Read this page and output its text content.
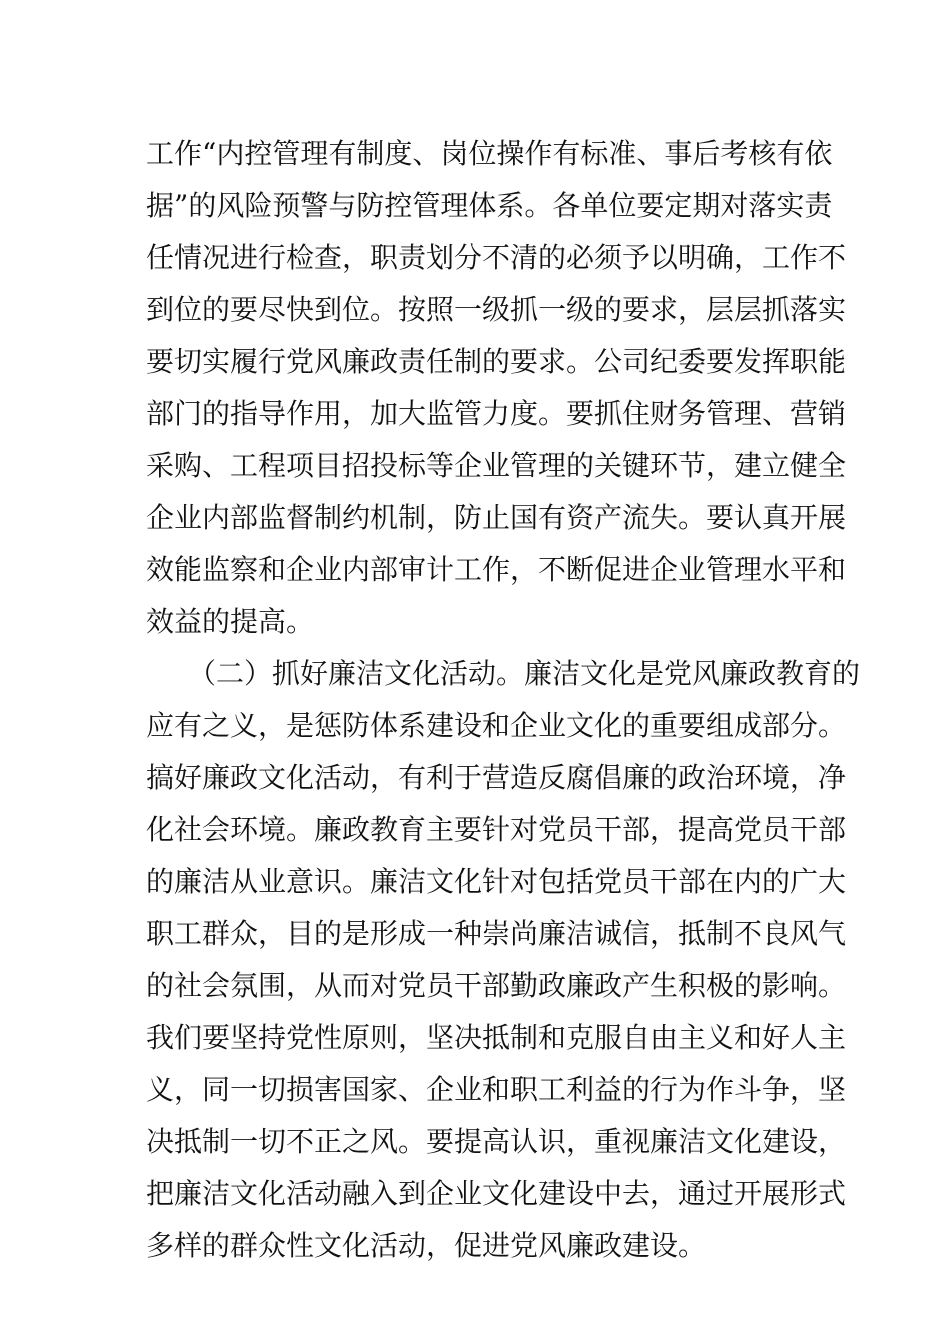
工作“内控管理有制度、岗位操作有标准、事后考核有依
据”的风险预警与防控管理体系。各单位要定期对落实责
任情况进行检查，职责划分不清的必须予以明确，工作不
到位的要尽快到位。按照一级抓一级的要求，层层抓落实
要切实履行党风廉政责任制的要求。公司纪委要发挥职能
部门的指导作用，加大监管力度。要抓住财务管理、营销
采购、工程项目招投标等企业管理的关键环节，建立健全
企业内部监督制约机制，防止国有资产流失。要认真开展
效能监察和企业内部审计工作，不断促进企业管理水平和
效益的提高。
　　（二）抓好廉洁文化活动。廉洁文化是党风廉政教育的
应有之义，是惩防体系建设和企业文化的重要组成部分。
搞好廉政文化活动，有利于营造反腐倡廉的政治环境，净
化社会环境。廉政教育主要针对党员干部，提高党员干部
的廉洁从业意识。廉洁文化针对包括党员干部在内的广大
职工群众，目的是形成一种崇尚廉洁诚信，抵制不良风气
的社会氛围，从而对党员干部勤政廉政产生积极的影响。
我们要坚持党性原则，坚决抵制和克服自由主义和好人主
义，同一切损害国家、企业和职工利益的行为作斗争，坚
决抵制一切不正之风。要提高认识，重视廉洁文化建设，
把廉洁文化活动融入到企业文化建设中去，通过开展形式
多样的群众性文化活动，促进党风廉政建设。
